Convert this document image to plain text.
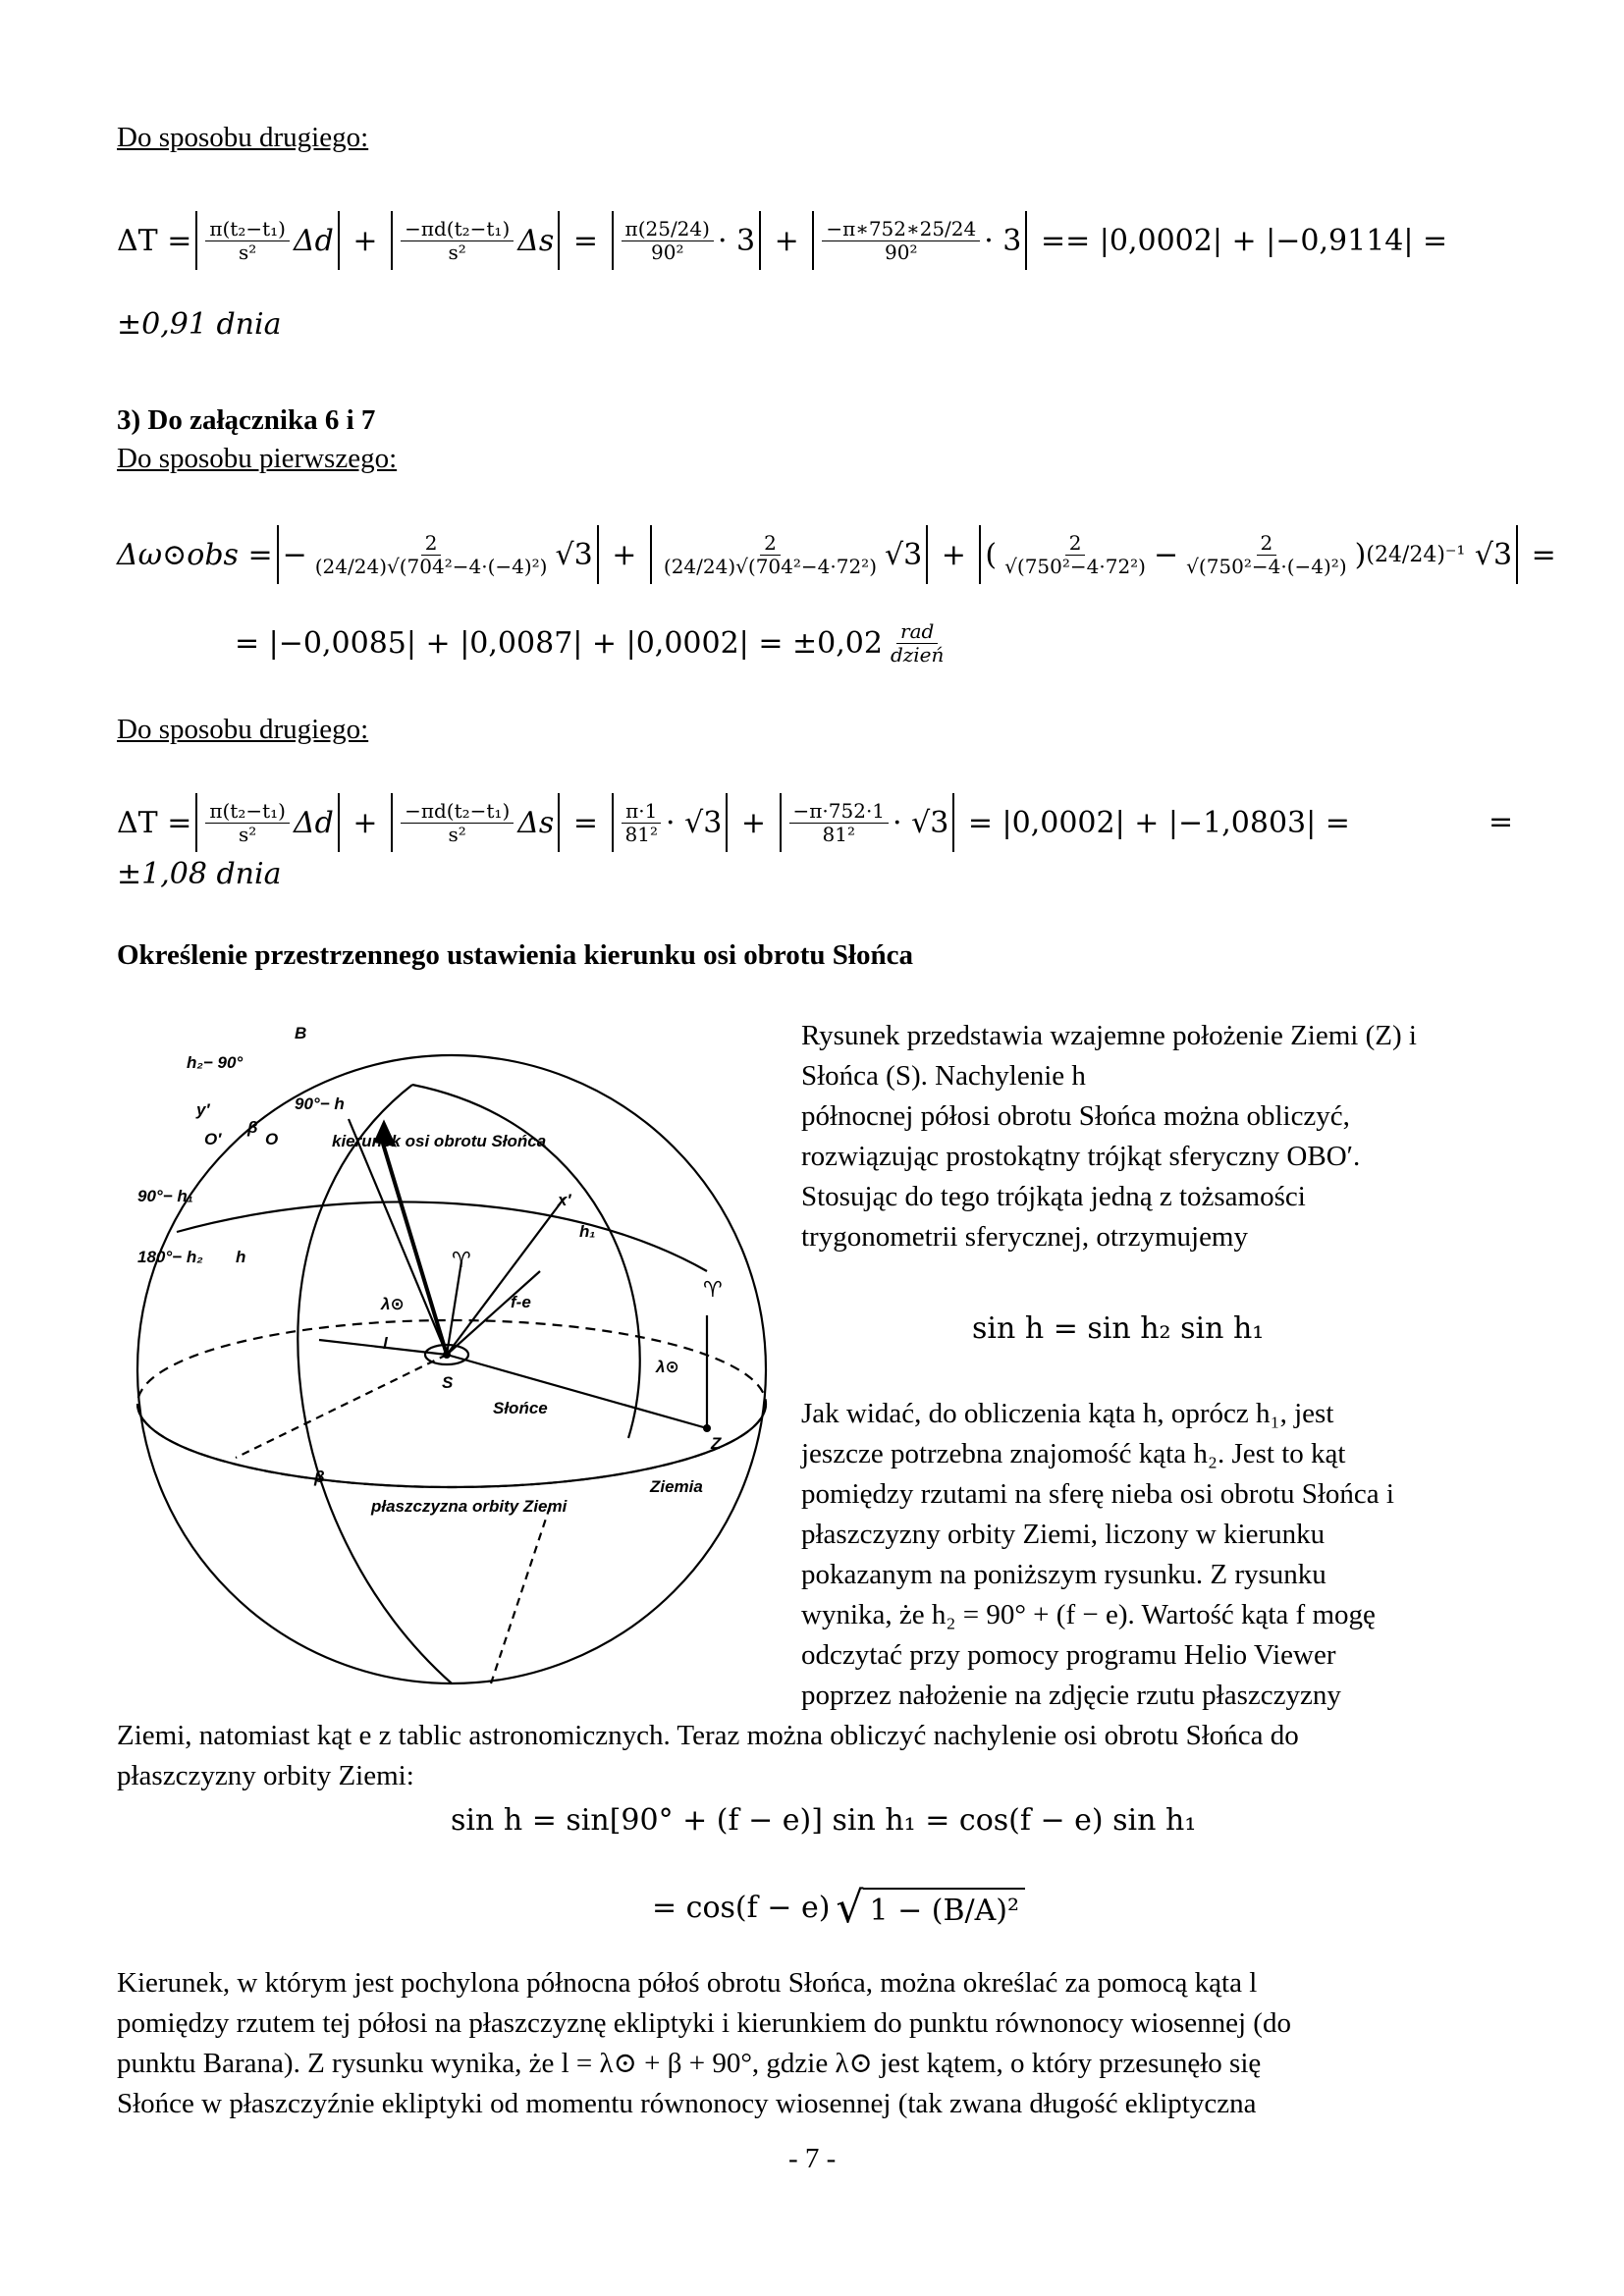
Do sposobu drugiego:
$\Delta T = \frac{\text{π(t₂−t₁)}}{\text{s²}}$ $\Delta d + \frac{\text{−πd(t₂−t₁)}}{\text{s²}}$ $\Delta s = \frac{\pi(25/24)}{\text{90²}} \cdot 3 + \frac{-\pi∗752∗25/24}{\text{90²}} \cdot 3$
== |0,0002| + |−0,9114| =
±0,91 dnia
3) Do załącznika 6 i 7
Do sposobu pierwszego:
Δω⊙obs = − $\frac{2}{\text{(24/24)√(704²−4·(−4)²)}} √3 + \frac{2}{\text{(24/24)√(704²−4·72²)}} √3$ +
( $\frac{2}{\text{√(750²−4·72²)}} - \frac{2}{\text{√(750²−4·(−4)²)}}$ ) (24/24)⁻¹
√3 =
= $|-0,0085| + |0,0087| + |0,0002| = \pm 0,02 \frac{\text{rad}}{\text{dzień}}$
Do sposobu drugiego:
$\Delta T = \frac{\text{π(t₂−t₁)}}{\text{s²}}$ $\Delta d + \frac{\text{−πd(t₂−t₁)}}{\text{s²}}$ $\Delta s = \frac{\pi\cdot 1}{\text{81²}} \cdot √3 + \frac{-\pi\cdot 752\cdot 1}{\text{81²}} \cdot √3$
= |0,0002| + |−1,0803| =	=
±1,08 dnia
Określenie przestrzennego ustawienia kierunku osi obrotu Słońca
B
h₂− 90°
90°− h
y′
β
O′	O	kierunek osi obrotu Słońca
x′
90°− h₁
h₁
180°− h₂ h	♈
♈
f-e
λ⊙
λ⊙
l
S
Słońce
Z
β
Ziemia
płaszczyzna orbity Ziemi
Rysunek przedstawia wzajemne położenie Ziemi (Z) i
Słońca (S). Nachylenie h
północnej półosi obrotu Słońca można obliczyć,
rozwiązując prostokątny trójkąt sferyczny OBO′.
Stosując do tego trójkąta jedną z tożsamości
trygonometrii sferycznej, otrzymujemy
sin h = sin h₂ sin h₁
Jak widać, do obliczenia kąta h, oprócz h₁, jest
jeszcze potrzebna znajomość kąta h₂. Jest to kąt
pomiędzy rzutami na sferę nieba osi obrotu Słońca i
płaszczyzny orbity Ziemi, liczony w kierunku
pokazanym na poniższym rysunku. Z rysunku
wynika, że h₂ = 90° + (f − e). Wartość kąta f mogę
odczytać przy pomocy programu Helio Viewer
poprzez nałożenie na zdjęcie rzutu płaszczyzny
Ziemi, natomiast kąt e z tablic astronomicznych. Teraz można obliczyć nachylenie osi obrotu Słońca do
płaszczyzny orbity Ziemi:
sin h = sin[90° + (f − e)] sin h₁ = cos(f − e) sin h₁
= cos(f − e) √ 1 − (B/A)²
Kierunek, w którym jest pochylona północna półoś obrotu Słońca, można określać za pomocą kąta l
pomiędzy rzutem tej półosi na płaszczyznę ekliptyki i kierunkiem do punktu równonocy wiosennej (do
punktu Barana). Z rysunku wynika, że l = λ⊙ + β + 90°, gdzie λ⊙ jest kątem, o który przesunęło się
Słońce w płaszczyźnie ekliptyki od momentu równonocy wiosennej (tak zwana długość ekliptyczna
- 7 -
